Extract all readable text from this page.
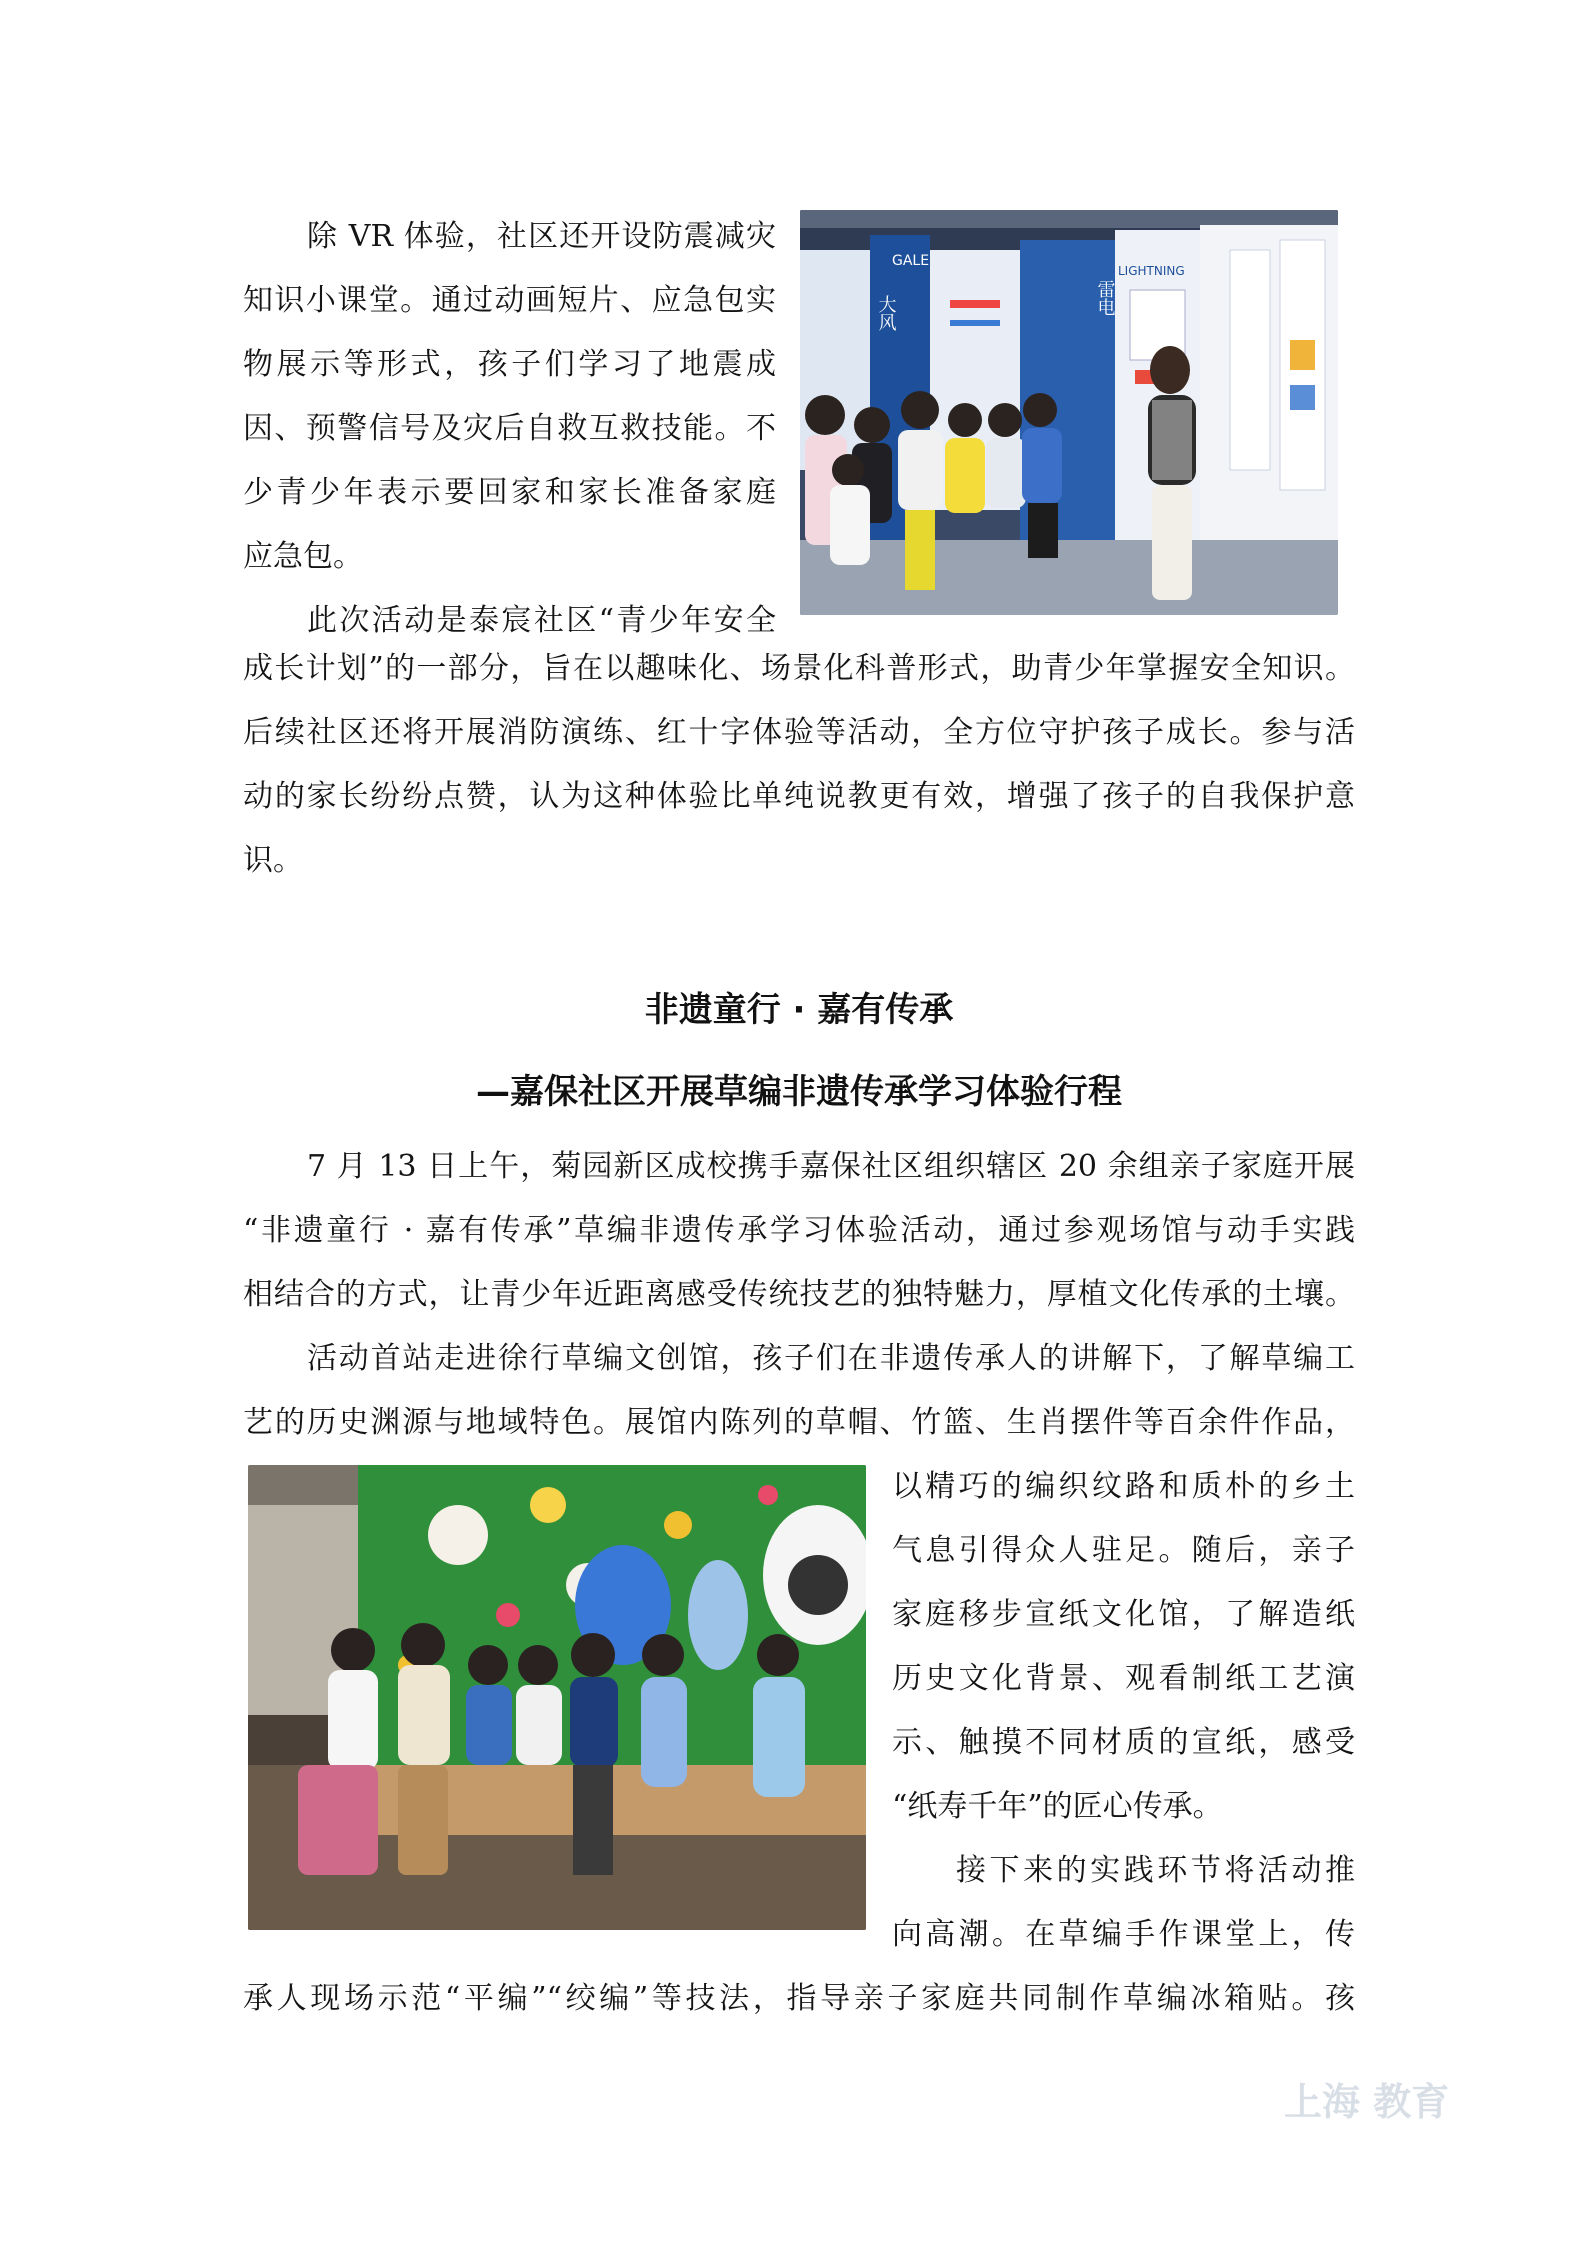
除 VR 体验，社区还开设防震减灾
知识小课堂。通过动画短片、应急包实
物展示等形式，孩子们学习了地震成
因、预警信号及灾后自救互救技能。不
少青少年表示要回家和家长准备家庭
应急包。
此次活动是泰宸社区“青少年安全
成长计划”的一部分，旨在以趣味化、场景化科普形式，助青少年掌握安全知识。
后续社区还将开展消防演练、红十字体验等活动，全方位守护孩子成长。参与活
动的家长纷纷点赞，认为这种体验比单纯说教更有效，增强了孩子的自我保护意
识。
GALE
大风
LIGHTNING
雷电
非遗童行 · 嘉有传承
—嘉保社区开展草编非遗传承学习体验行程
7 月 13 日上午，菊园新区成校携手嘉保社区组织辖区 20 余组亲子家庭开展
“非遗童行 · 嘉有传承”草编非遗传承学习体验活动，通过参观场馆与动手实践
相结合的方式，让青少年近距离感受传统技艺的独特魅力，厚植文化传承的土壤。
活动首站走进徐行草编文创馆，孩子们在非遗传承人的讲解下，了解草编工
艺的历史渊源与地域特色。展馆内陈列的草帽、竹篮、生肖摆件等百余件作品，
以精巧的编织纹路和质朴的乡土
气息引得众人驻足。随后，亲子
家庭移步宣纸文化馆，了解造纸
历史文化背景、观看制纸工艺演
示、触摸不同材质的宣纸，感受
“纸寿千年”的匠心传承。
接下来的实践环节将活动推
向高潮。在草编手作课堂上，传
承人现场示范“平编”“绞编”等技法，指导亲子家庭共同制作草编冰箱贴。孩
上海 教育
